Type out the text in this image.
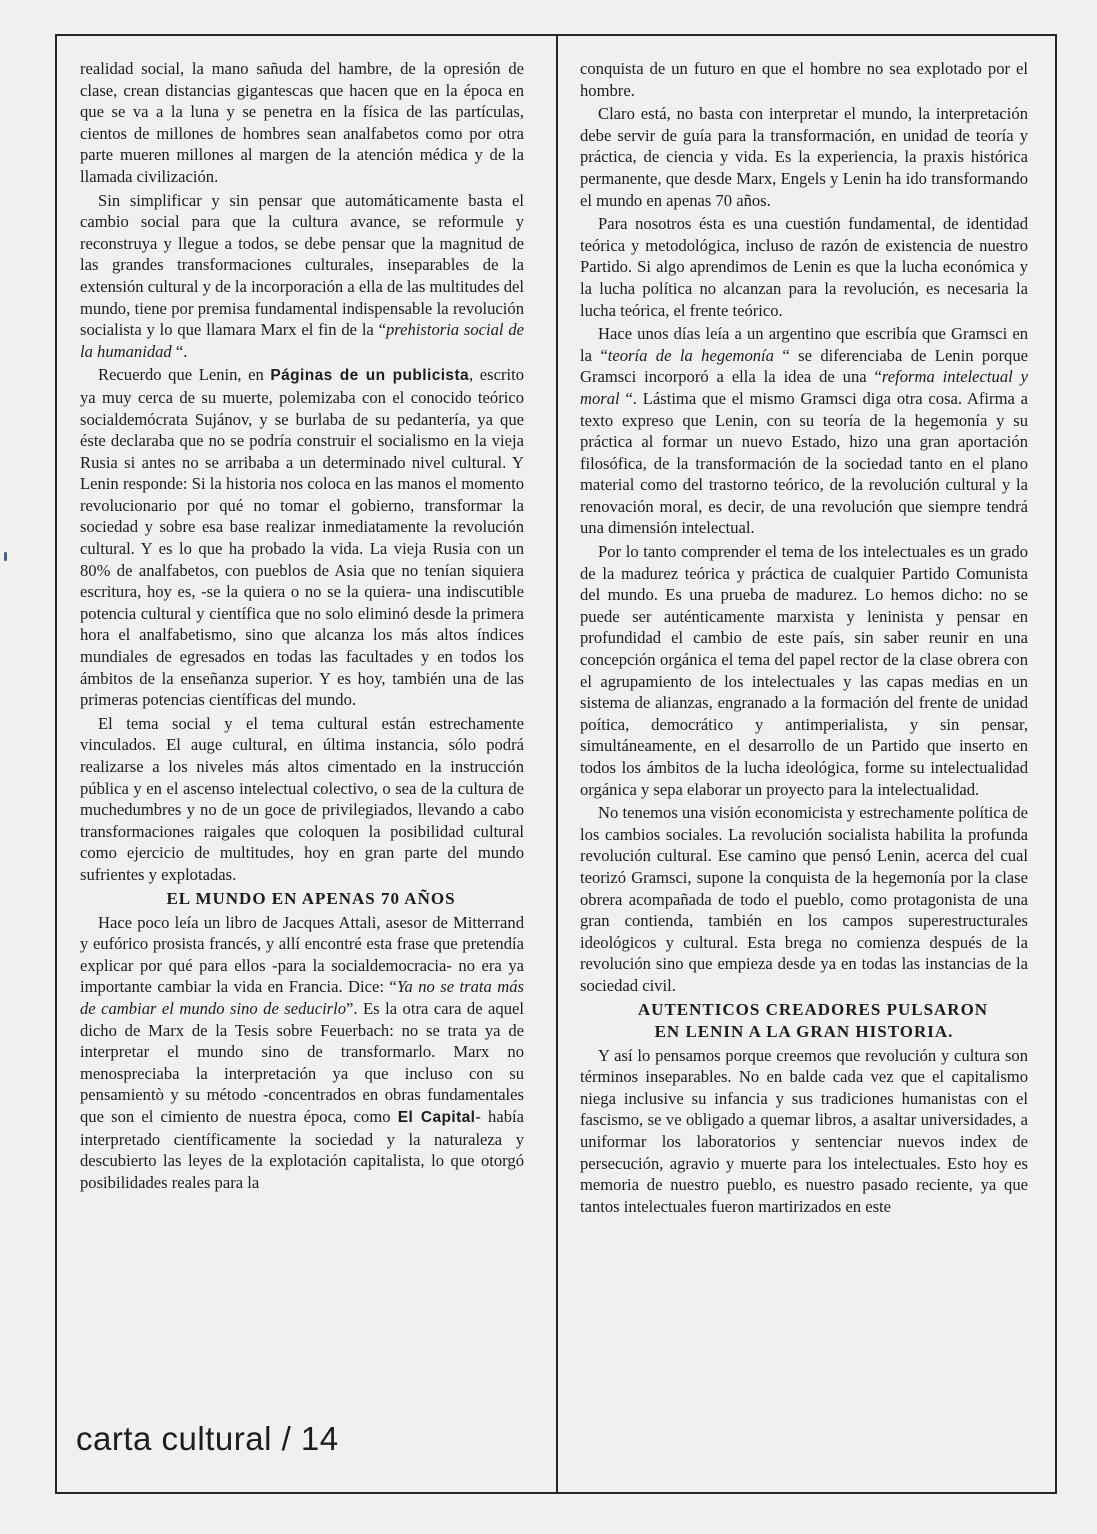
realidad social, la mano sañuda del hambre, de la opresión de clase, crean distancias gigantescas que hacen que en la época en que se va a la luna y se penetra en la física de las partículas, cientos de millones de hombres sean analfabetos como por otra parte mueren millones al margen de la atención médica y de la llamada civilización.

Sin simplificar y sin pensar que automáticamente basta el cambio social para que la cultura avance, se reformule y reconstruya y llegue a todos, se debe pensar que la magnitud de las grandes transformaciones culturales, inseparables de la extensión cultural y de la incorporación a ella de las multitudes del mundo, tiene por premisa fundamental indispensable la revolución socialista y lo que llamara Marx el fin de la “prehistoria social de la humanidad “.

Recuerdo que Lenin, en Páginas de un publicista, escrito ya muy cerca de su muerte, polemizaba con el conocido teórico socialdemócrata Sujánov, y se burlaba de su pedantería, ya que éste declaraba que no se podría construir el socialismo en la vieja Rusia si antes no se arribaba a un determinado nivel cultural. Y Lenin responde: Si la historia nos coloca en las manos el momento revolucionario por qué no tomar el gobierno, transformar la sociedad y sobre esa base realizar inmediatamente la revolución cultural. Y es lo que ha probado la vida. La vieja Rusia con un 80% de analfabetos, con pueblos de Asia que no tenían siquiera escritura, hoy es, -se la quiera o no se la quiera- una indiscutible potencia cultural y científica que no solo eliminó desde la primera hora el analfabetismo, sino que alcanza los más altos índices mundiales de egresados en todas las facultades y en todos los ámbitos de la enseñanza superior. Y es hoy, también una de las primeras potencias científicas del mundo.

El tema social y el tema cultural están estrechamente vinculados. El auge cultural, en última instancia, sólo podrá realizarse a los niveles más altos cimentado en la instrucción pública y en el ascenso intelectual colectivo, o sea de la cultura de muchedumbres y no de un goce de privilegiados, llevando a cabo transformaciones raigales que coloquen la posibilidad cultural como ejercicio de multitudes, hoy en gran parte del mundo sufrientes y explotadas.

EL MUNDO EN APENAS 70 AÑOS

Hace poco leía un libro de Jacques Attali, asesor de Mitterrand y eufórico prosista francés, y allí encontré esta frase que pretendía explicar por qué para ellos -para la socialdemocracia- no era ya importante cambiar la vida en Francia. Dice: “Ya no se trata más de cambiar el mundo sino de seducirlo”. Es la otra cara de aquel dicho de Marx de la Tesis sobre Feuerbach: no se trata ya de interpretar el mundo sino de transformarlo. Marx no menospreciaba la interpretación ya que incluso con su pensamientò y su método -concentrados en obras fundamentales que son el cimiento de nuestra época, como El Capital- había interpretado científicamente la sociedad y la naturaleza y descubierto las leyes de la explotación capitalista, lo que otorgó posibilidades reales para la

conquista de un futuro en que el hombre no sea explotado por el hombre.

Claro está, no basta con interpretar el mundo, la interpretación debe servir de guía para la transformación, en unidad de teoría y práctica, de ciencia y vida. Es la experiencia, la praxis histórica permanente, que desde Marx, Engels y Lenin ha ido transformando el mundo en apenas 70 años.

Para nosotros ésta es una cuestión fundamental, de identidad teórica y metodológica, incluso de razón de existencia de nuestro Partido. Si algo aprendimos de Lenin es que la lucha económica y la lucha política no alcanzan para la revolución, es necesaria la lucha teórica, el frente teórico.

Hace unos días leía a un argentino que escribía que Gramsci en la “teoría de la hegemonía “ se diferenciaba de Lenin porque Gramsci incorporó a ella la idea de una “reforma intelectual y moral “. Lástima que el mismo Gramsci diga otra cosa. Afirma a texto expreso que Lenin, con su teoría de la hegemonía y su práctica al formar un nuevo Estado, hizo una gran aportación filosófica, de la transformación de la sociedad tanto en el plano material como del trastorno teórico, de la revolución cultural y la renovación moral, es decir, de una revolución que siempre tendrá una dimensión intelectual.

Por lo tanto comprender el tema de los intelectuales es un grado de la madurez teórica y práctica de cualquier Partido Comunista del mundo. Es una prueba de madurez. Lo hemos dicho: no se puede ser auténticamente marxista y leninista y pensar en profundidad el cambio de este país, sin saber reunir en una concepción orgánica el tema del papel rector de la clase obrera con el agrupamiento de los intelectuales y las capas medias en un sistema de alianzas, engranado a la formación del frente de unidad poítica, democrático y antimperialista, y sin pensar, simultáneamente, en el desarrollo de un Partido que inserto en todos los ámbitos de la lucha ideológica, forme su intelectualidad orgánica y sepa elaborar un proyecto para la intelectualidad.

No tenemos una visión economicista y estrechamente política de los cambios sociales. La revolución socialista habilita la profunda revolución cultural. Ese camino que pensó Lenin, acerca del cual teorizó Gramsci, supone la conquista de la hegemonía por la clase obrera acompañada de todo el pueblo, como protagonista de una gran contienda, también en los campos superestructurales ideológicos y cultural. Esta brega no comienza después de la revolución sino que empieza desde ya en todas las instancias de la sociedad civil.

AUTENTICOS CREADORES PULSARON
EN LENIN A LA GRAN HISTORIA.

Y así lo pensamos porque creemos que revolución y cultura son términos inseparables. No en balde cada vez que el capitalismo niega inclusive su infancia y sus tradiciones humanistas con el fascismo, se ve obligado a quemar libros, a asaltar universidades, a uniformar los laboratorios y sentenciar nuevos index de persecución, agravio y muerte para los intelectuales. Esto hoy es memoria de nuestro pueblo, es nuestro pasado reciente, ya que tantos intelectuales fueron martirizados en este

carta cultural / 14
